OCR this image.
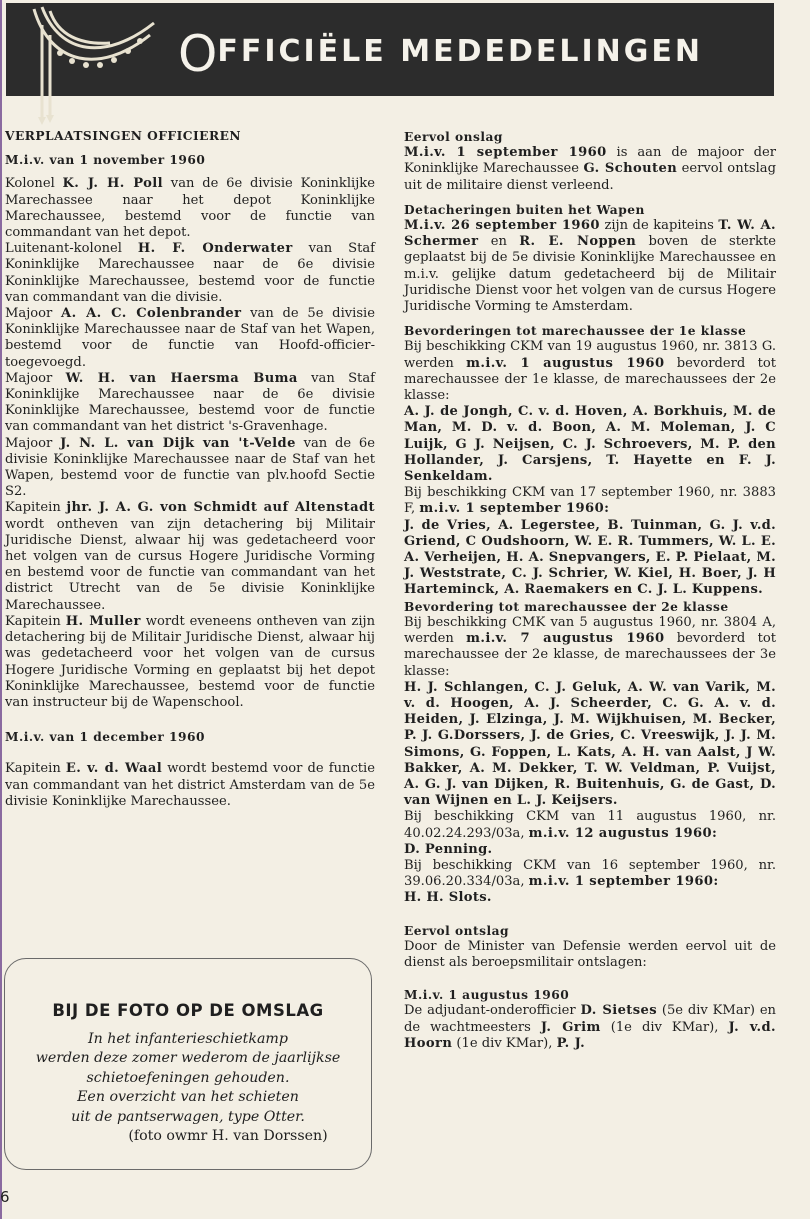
OFFICIËLE MEDEDELINGEN

VERPLAATSINGEN OFFICIEREN

M.i.v. van 1 november 1960

Kolonel K. J. H. Poll van de 6e divisie Koninklijke Marechassee naar het depot Koninklijke Marechaussee, bestemd voor de functie van commandant van het depot.

Luitenant-kolonel H. F. Onderwater van Staf Koninklijke Marechaussee naar de 6e divisie Koninklijke Marechaussee, bestemd voor de functie van commandant van die divisie.

Majoor A. A. C. Colenbrander van de 5e divisie Koninklijke Marechaussee naar de Staf van het Wapen, bestemd voor de functie van Hoofd-officier-toegevoegd.

Majoor W. H. van Haersma Buma van Staf Koninklijke Marechaussee naar de 6e divisie Koninklijke Marechaussee, bestemd voor de functie van commandant van het district 's-Gravenhage.

Majoor J. N. L. van Dijk van 't-Velde van de 6e divisie Koninklijke Marechaussee naar de Staf van het Wapen, bestemd voor de functie van plv.hoofd Sectie S2.

Kapitein jhr. J. A. G. von Schmidt auf Altenstadt wordt ontheven van zijn detachering bij Militair Juridische Dienst, alwaar hij was gedetacheerd voor het volgen van de cursus Hogere Juridische Vorming en bestemd voor de functie van commandant van het district Utrecht van de 5e divisie Koninklijke Marechaussee.

Kapitein H. Muller wordt eveneens ontheven van zijn detachering bij de Militair Juridische Dienst, alwaar hij was gedetacheerd voor het volgen van de cursus Hogere Juridische Vorming en geplaatst bij het depot Koninklijke Marechaussee, bestemd voor de functie van instructeur bij de Wapenschool.

M.i.v. van 1 december 1960

Kapitein E. v. d. Waal wordt bestemd voor de functie van commandant van het district Amsterdam van de 5e divisie Koninklijke Marechaussee.

BIJ DE FOTO OP DE OMSLAG
In het infanterieschietkamp
werden deze zomer wederom de jaarlijkse
schietoefeningen gehouden.
Een overzicht van het schieten
uit de pantserwagen, type Otter.
(foto owmr H. van Dorssen)

Eervol onslag

M.i.v. 1 september 1960 is aan de majoor der Koninklijke Marechaussee G. Schouten eervol ontslag uit de militaire dienst verleend.

Detacheringen buiten het Wapen

M.i.v. 26 september 1960 zijn de kapiteins T. W. A. Schermer en R. E. Noppen boven de sterkte geplaatst bij de 5e divisie Koninklijke Marechaussee en m.i.v. gelijke datum gedetacheerd bij de Militair Juridische Dienst voor het volgen van de cursus Hogere Juridische Vorming te Amsterdam.

Bevorderingen tot marechaussee der 1e klasse

Bij beschikking CKM van 19 augustus 1960, nr. 3813 G. werden m.i.v. 1 augustus 1960 bevorderd tot marechaussee der 1e klasse, de marechaussees der 2e klasse:

A. J. de Jongh, C. v. d. Hoven, A. Borkhuis, M. de Man, M. D. v. d. Boon, A. M. Moleman, J. C Luijk, G J. Neijsen, C. J. Schroevers, M. P. den Hollander, J. Carsjens, T. Hayette en F. J. Senkeldam.

Bij beschikking CKM van 17 september 1960, nr. 3883 F, m.i.v. 1 september 1960:

J. de Vries, A. Legerstee, B. Tuinman, G. J. v.d. Griend, C Oudshoorn, W. E. R. Tummers, W. L. E. A. Verheijen, H. A. Snepvangers, E. P. Pielaat, M. J. Weststrate, C. J. Schrier, W. Kiel, H. Boer, J. H Harteminck, A. Raemakers en C. J. L. Kuppens.

Bevordering tot marechaussee der 2e klasse

Bij beschikking CMK van 5 augustus 1960, nr. 3804 A, werden m.i.v. 7 augustus 1960 bevorderd tot marechaussee der 2e klasse, de marechaussees der 3e klasse:

H. J. Schlangen, C. J. Geluk, A. W. van Varik, M. v. d. Hoogen, A. J. Scheerder, C. G. A. v. d. Heiden, J. Elzinga, J. M. Wijkhuisen, M. Becker, P. J. G.Dorssers, J. de Gries, C. Vreeswijk, J. J. M. Simons, G. Foppen, L. Kats, A. H. van Aalst, J W. Bakker, A. M. Dekker, T. W. Veldman, P. Vuijst, A. G. J. van Dijken, R. Buitenhuis, G. de Gast, D. van Wijnen en L. J. Keijsers.

Bij beschikking CKM van 11 augustus 1960, nr. 40.02.24.293/03a, m.i.v. 12 augustus 1960:

D. Penning.

Bij beschikking CKM van 16 september 1960, nr. 39.06.20.334/03a, m.i.v. 1 september 1960:

H. H. Slots.

Eervol ontslag

Door de Minister van Defensie werden eervol uit de dienst als beroepsmilitair ontslagen:

M.i.v. 1 augustus 1960

De adjudant-onderofficier D. Sietses (5e div KMar) en de wachtmeesters J. Grim (1e div KMar), J. v.d. Hoorn (1e div KMar), P. J.

6
